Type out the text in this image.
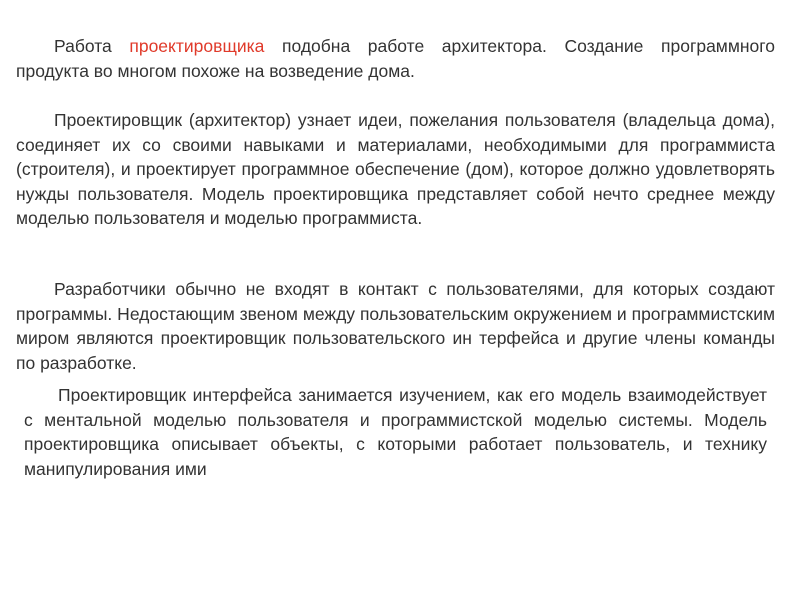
Работа проектировщика подобна работе архитектора. Создание программного продукта во многом похоже на возведение дома.

Проектировщик (архитектор) узнает идеи, пожелания пользователя (владельца дома), соединяет их со своими навыками и материалами, необходимыми для программиста (строителя), и проектирует программное обеспечение (дом), которое должно удовлетворять нужды пользователя. Модель проектировщика представляет собой нечто среднее между моделью пользователя и моделью программиста.

Разработчики обычно не входят в контакт с пользователями, для которых создают программы. Недостающим звеном между пользовательским окружением и программистским миром являются проектировщик пользовательского ин терфейса и другие члены команды по разработке.

Проектировщик интерфейса занимается изучением, как его модель взаимодействует с ментальной моделью пользователя и программистской моделью системы. Модель проектировщика описывает объекты, с которыми работает пользователь, и технику манипулирования ими
